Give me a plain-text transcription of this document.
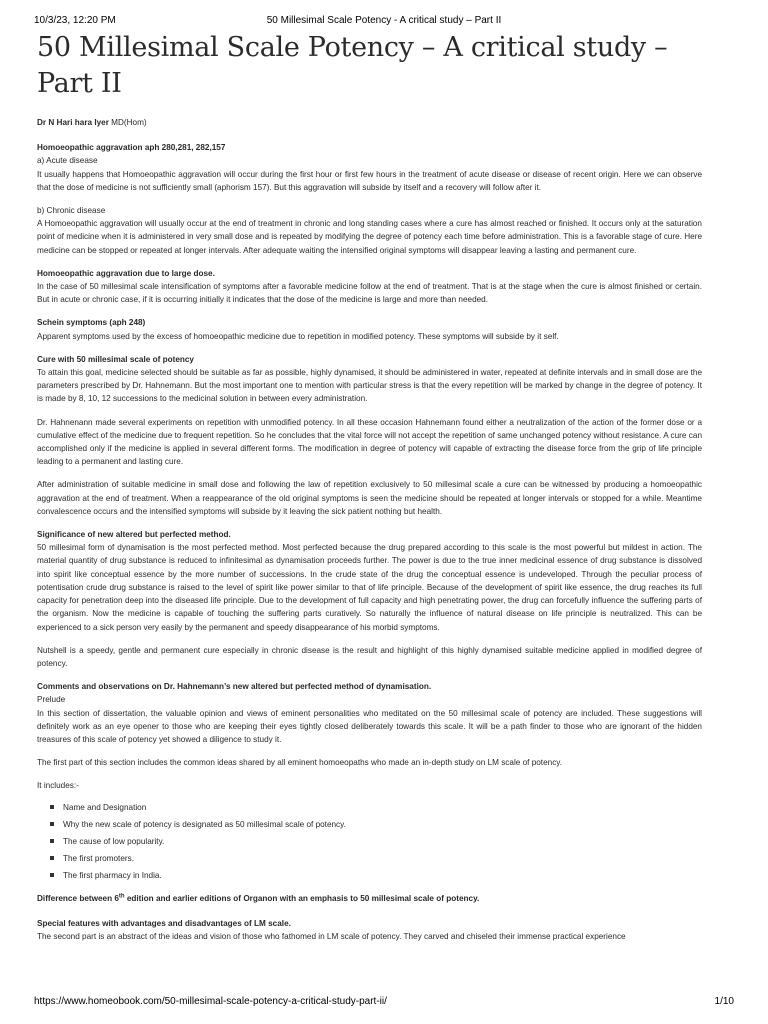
10/3/23, 12:20 PM	50 Millesimal Scale Potency - A critical study – Part II
50 Millesimal Scale Potency – A critical study – Part II

Dr N Hari hara Iyer MD(Hom)

Homoeopathic aggravation aph 280,281, 282,157
a) Acute disease
It usually happens that Homoeopathic aggravation will occur during the first hour or first few hours in the treatment of acute disease or disease of recent origin. Here we can observe that the dose of medicine is not sufficiently small (aphorism 157). But this aggravation will subside by itself and a recovery will follow after it.

b) Chronic disease
A Homoeopathic aggravation will usually occur at the end of treatment in chronic and long standing cases where a cure has almost reached or finished. It occurs only at the saturation point of medicine when it is administered in very small dose and is repeated by modifying the degree of potency each time before administration. This is a favorable stage of cure. Here medicine can be stopped or repeated at longer intervals. After adequate waiting the intensified original symptoms will disappear leaving a lasting and permanent cure.

Homoeopathic aggravation due to large dose.
In the case of 50 millesimal scale intensification of symptoms after a favorable medicine follow at the end of treatment. That is at the stage when the cure is almost finished or certain. But in acute or chronic case, if it is occurring initially it indicates that the dose of the medicine is large and more than needed.

Schein symptoms (aph 248)
Apparent symptoms used by the excess of homoeopathic medicine due to repetition in modified potency. These symptoms will subside by it self.

Cure with 50 millesimal scale of potency
To attain this goal, medicine selected should be suitable as far as possible, highly dynamised, it should be administered in water, repeated at definite intervals and in small dose are the parameters prescribed by Dr. Hahnemann. But the most important one to mention with particular stress is that the every repetition will be marked by change in the degree of potency. It is made by 8, 10, 12 successions to the medicinal solution in between every administration.

Dr. Hahnenann made several experiments on repetition with unmodified potency. In all these occasion Hahnemann found either a neutralization of the action of the former dose or a cumulative effect of the medicine due to frequent repetition. So he concludes that the vital force will not accept the repetition of same unchanged potency without resistance. A cure can accomplished only if the medicine is applied in several different forms. The modification in degree of potency will capable of extracting the disease force from the grip of life principle leading to a permanent and lasting cure.

After administration of suitable medicine in small dose and following the law of repetition exclusively to 50 millesimal scale a cure can be witnessed by producing a homoeopathic aggravation at the end of treatment. When a reappearance of the old original symptoms is seen the medicine should be repeated at longer intervals or stopped for a while. Meantime convalescence occurs and the intensified symptoms will subside by it leaving the sick patient nothing but health.

Significance of new altered but perfected method.
50 millesimal form of dynamisation is the most perfected method. Most perfected because the drug prepared according to this scale is the most powerful but mildest in action. The material quantity of drug substance is reduced to infinitesimal as dynamisation proceeds further. The power is due to the true inner medicinal essence of drug substance is dissolved into spirit like conceptual essence by the more number of successions. In the crude state of the drug the conceptual essence is undeveloped. Through the peculiar process of potentisation crude drug substance is raised to the level of spirit like power similar to that of life principle. Because of the development of spirit like essence, the drug reaches its full capacity for penetration deep into the diseased life principle. Due to the development of full capacity and high penetrating power, the drug can forcefully influence the suffering parts of the organism. Now the medicine is capable of touching the suffering parts curatively. So naturally the influence of natural disease on life principle is neutralized. This can be experienced to a sick person very easily by the permanent and speedy disappearance of his morbid symptoms.

Nutshell is a speedy, gentle and permanent cure especially in chronic disease is the result and highlight of this highly dynamised suitable medicine applied in modified degree of potency.

Comments and observations on Dr. Hahnemann’s new altered but perfected method of dynamisation.
Prelude
In this section of dissertation, the valuable opinion and views of eminent personalities who meditated on the 50 millesimal scale of potency are included. These suggestions will definitely work as an eye opener to those who are keeping their eyes tightly closed deliberately towards this scale. It will be a path finder to those who are ignorant of the hidden treasures of this scale of potency yet showed a diligence to study it.

The first part of this section includes the common ideas shared by all eminent homoeopaths who made an in-depth study on LM scale of potency.

It includes:-

Name and Designation
Why the new scale of potency is designated as 50 millesimal scale of potency.
The cause of low popularity.
The first promoters.
The first pharmacy in India.

Difference between 6th edition and earlier editions of Organon with an emphasis to 50 millesimal scale of potency.

Special features with advantages and disadvantages of LM scale.
The second part is an abstract of the ideas and vision of those who fathomed in LM scale of potency. They carved and chiseled their immense practical experience

https://www.homeobook.com/50-millesimal-scale-potency-a-critical-study-part-ii/	1/10
